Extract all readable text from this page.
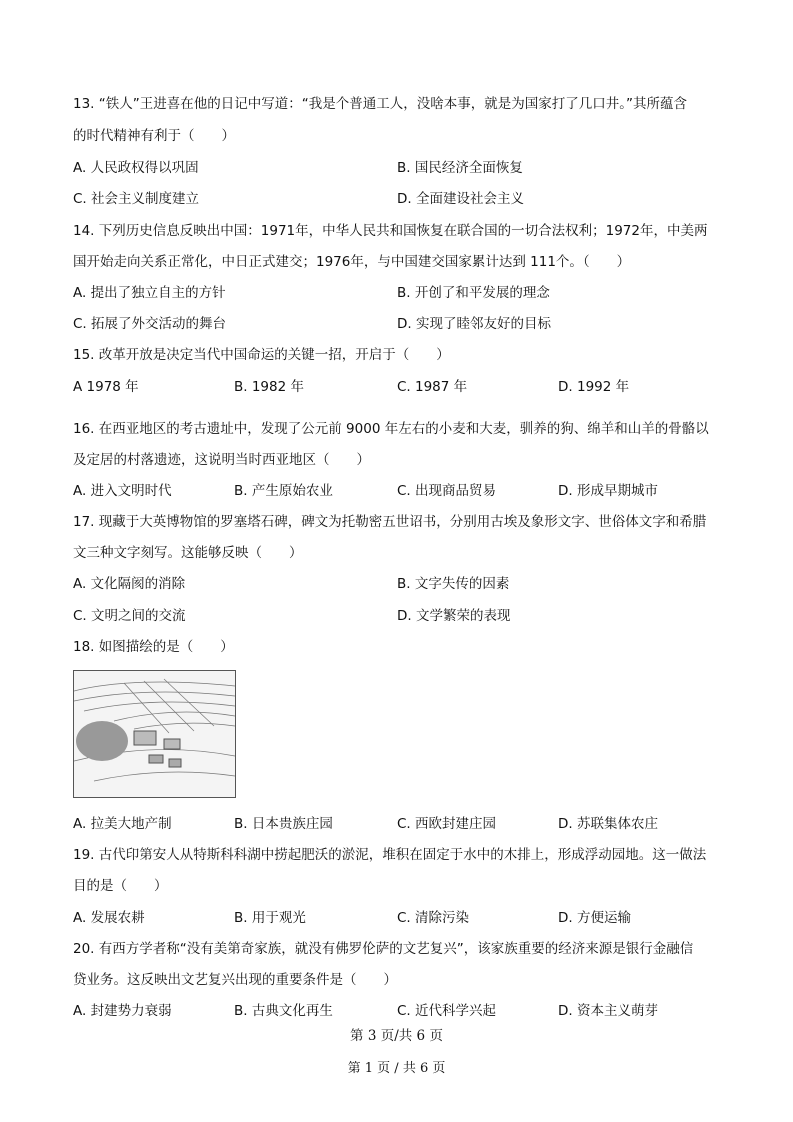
13. “铁人”王进喜在他的日记中写道：“我是个普通工人，没啥本事，就是为国家打了几口井。”其所蕴含
的时代精神有利于（　　）
A. 人民政权得以巩固	B. 国民经济全面恢复
C. 社会主义制度建立	D. 全面建设社会主义
14. 下列历史信息反映出中国：1971年，中华人民共和国恢复在联合国的一切合法权利；1972年，中美两
国开始走向关系正常化，中日正式建交；1976年，与中国建交国家累计达到 111个。（　　）
A. 提出了独立自主的方针	B. 开创了和平发展的理念
C. 拓展了外交活动的舞台	D. 实现了睦邻友好的目标
15. 改革开放是决定当代中国命运的关键一招，开启于（　　）
A 1978 年	B. 1982 年	C. 1987 年	D. 1992 年
16. 在西亚地区的考古遗址中，发现了公元前 9000 年左右的小麦和大麦，驯养的狗、绵羊和山羊的骨骼以
及定居的村落遗迹，这说明当时西亚地区（　　）
A. 进入文明时代	B. 产生原始农业	C. 出现商品贸易	D. 形成早期城市
17. 现藏于大英博物馆的罗塞塔石碑，碑文为托勒密五世诏书，分别用古埃及象形文字、世俗体文字和希腊
文三种文字刻写。这能够反映（　　）
A. 文化隔阂的消除	B. 文字失传的因素
C. 文明之间的交流	D. 文学繁荣的表现
18. 如图描绘的是（　　）
A. 拉美大地产制	B. 日本贵族庄园	C. 西欧封建庄园	D. 苏联集体农庄
19. 古代印第安人从特斯科科湖中捞起肥沃的淤泥，堆积在固定于水中的木排上，形成浮动园地。这一做法
目的是（　　）
A. 发展农耕	B. 用于观光	C. 清除污染	D. 方便运输
20. 有西方学者称“没有美第奇家族，就没有佛罗伦萨的文艺复兴”，该家族重要的经济来源是银行金融信
贷业务。这反映出文艺复兴出现的重要条件是（　　）
A. 封建势力衰弱	B. 古典文化再生	C. 近代科学兴起	D. 资本主义萌芽
第 3 页/共 6 页
第 1 页 / 共 6 页
